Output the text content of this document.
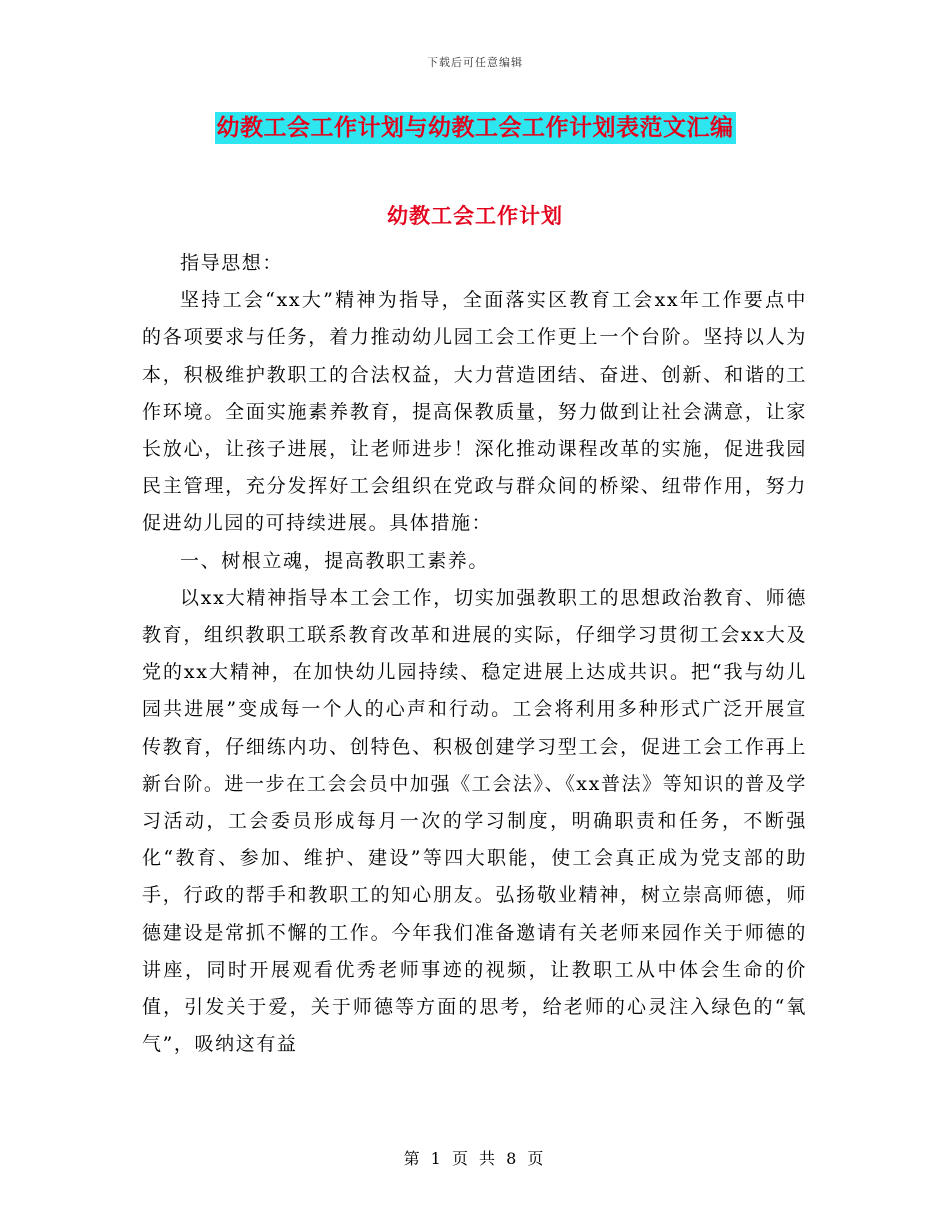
下载后可任意编辑
幼教工会工作计划与幼教工会工作计划表范文汇编
幼教工会工作计划

指导思想：

坚持工会“xx大”精神为指导，全面落实区教育工会xx年工作要点中的各项要求与任务，着力推动幼儿园工会工作更上一个台阶。坚持以人为本，积极维护教职工的合法权益，大力营造团结、奋进、创新、和谐的工作环境。全面实施素养教育，提高保教质量，努力做到让社会满意，让家长放心，让孩子进展，让老师进步！深化推动课程改革的实施，促进我园民主管理，充分发挥好工会组织在党政与群众间的桥梁、纽带作用，努力促进幼儿园的可持续进展。具体措施：

一、树根立魂，提高教职工素养。

以xx大精神指导本工会工作，切实加强教职工的思想政治教育、师德教育，组织教职工联系教育改革和进展的实际，仔细学习贯彻工会xx大及党的xx大精神，在加快幼儿园持续、稳定进展上达成共识。把“我与幼儿园共进展”变成每一个人的心声和行动。工会将利用多种形式广泛开展宣传教育，仔细练内功、创特色、积极创建学习型工会，促进工会工作再上新台阶。进一步在工会会员中加强《工会法》、《xx普法》等知识的普及学习活动，工会委员形成每月一次的学习制度，明确职责和任务，不断强化“教育、参加、维护、建设”等四大职能，使工会真正成为党支部的助手，行政的帮手和教职工的知心朋友。弘扬敬业精神，树立崇高师德，师德建设是常抓不懈的工作。今年我们准备邀请有关老师来园作关于师德的讲座，同时开展观看优秀老师事迹的视频，让教职工从中体会生命的价值，引发关于爱，关于师德等方面的思考，给老师的心灵注入绿色的“氧气”，吸纳这有益

第 1 页 共 8 页
